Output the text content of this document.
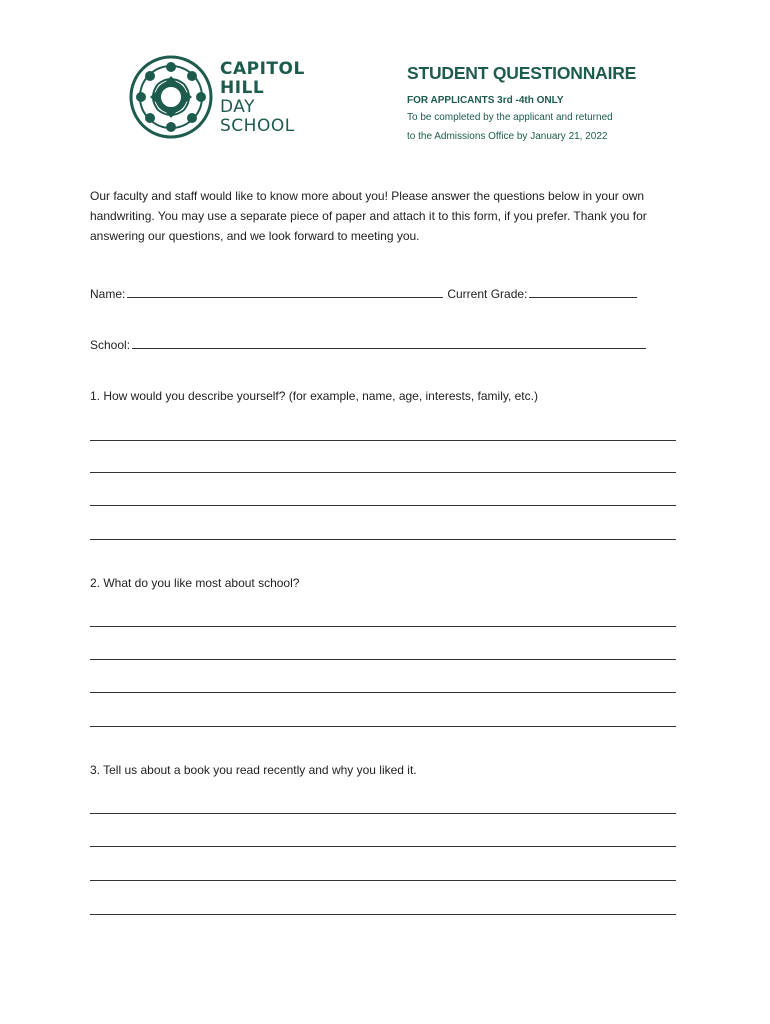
CAPITOL
HILL
DAY
SCHOOL
STUDENT QUESTIONNAIRE
FOR APPLICANTS 3rd -4th ONLY
To be completed by the applicant and returned
to the Admissions Office by January 21, 2022
Our faculty and staff would like to know more about you! Please answer the questions below in your own handwriting. You may use a separate piece of paper and attach it to this form, if you prefer. Thank you for answering our questions, and we look forward to meeting you.
Name:	Current Grade:
School:
1. How would you describe yourself? (for example, name, age, interests, family, etc.)
2. What do you like most about school?
3. Tell us about a book you read recently and why you liked it.
